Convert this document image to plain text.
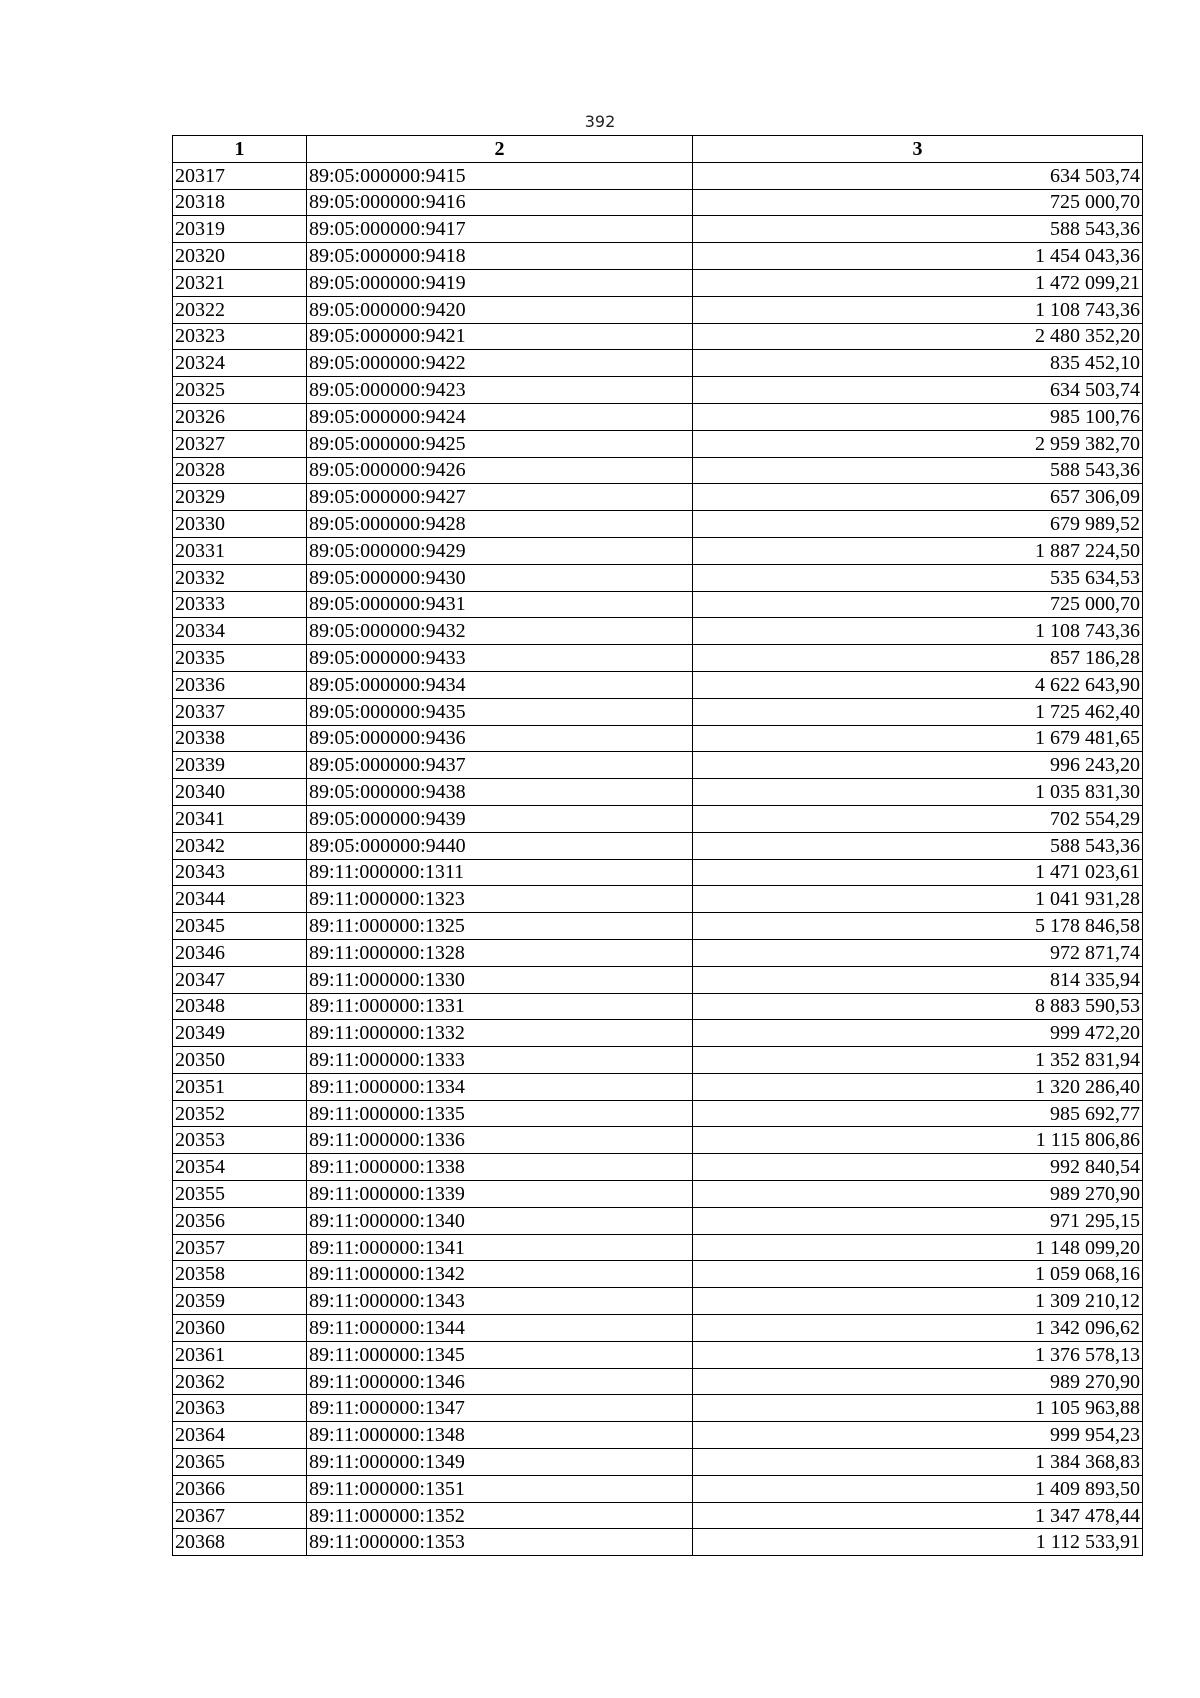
392
1	2	3
20317	89:05:000000:9415	634 503,74
20318	89:05:000000:9416	725 000,70
20319	89:05:000000:9417	588 543,36
20320	89:05:000000:9418	1 454 043,36
20321	89:05:000000:9419	1 472 099,21
20322	89:05:000000:9420	1 108 743,36
20323	89:05:000000:9421	2 480 352,20
20324	89:05:000000:9422	835 452,10
20325	89:05:000000:9423	634 503,74
20326	89:05:000000:9424	985 100,76
20327	89:05:000000:9425	2 959 382,70
20328	89:05:000000:9426	588 543,36
20329	89:05:000000:9427	657 306,09
20330	89:05:000000:9428	679 989,52
20331	89:05:000000:9429	1 887 224,50
20332	89:05:000000:9430	535 634,53
20333	89:05:000000:9431	725 000,70
20334	89:05:000000:9432	1 108 743,36
20335	89:05:000000:9433	857 186,28
20336	89:05:000000:9434	4 622 643,90
20337	89:05:000000:9435	1 725 462,40
20338	89:05:000000:9436	1 679 481,65
20339	89:05:000000:9437	996 243,20
20340	89:05:000000:9438	1 035 831,30
20341	89:05:000000:9439	702 554,29
20342	89:05:000000:9440	588 543,36
20343	89:11:000000:1311	1 471 023,61
20344	89:11:000000:1323	1 041 931,28
20345	89:11:000000:1325	5 178 846,58
20346	89:11:000000:1328	972 871,74
20347	89:11:000000:1330	814 335,94
20348	89:11:000000:1331	8 883 590,53
20349	89:11:000000:1332	999 472,20
20350	89:11:000000:1333	1 352 831,94
20351	89:11:000000:1334	1 320 286,40
20352	89:11:000000:1335	985 692,77
20353	89:11:000000:1336	1 115 806,86
20354	89:11:000000:1338	992 840,54
20355	89:11:000000:1339	989 270,90
20356	89:11:000000:1340	971 295,15
20357	89:11:000000:1341	1 148 099,20
20358	89:11:000000:1342	1 059 068,16
20359	89:11:000000:1343	1 309 210,12
20360	89:11:000000:1344	1 342 096,62
20361	89:11:000000:1345	1 376 578,13
20362	89:11:000000:1346	989 270,90
20363	89:11:000000:1347	1 105 963,88
20364	89:11:000000:1348	999 954,23
20365	89:11:000000:1349	1 384 368,83
20366	89:11:000000:1351	1 409 893,50
20367	89:11:000000:1352	1 347 478,44
20368	89:11:000000:1353	1 112 533,91
